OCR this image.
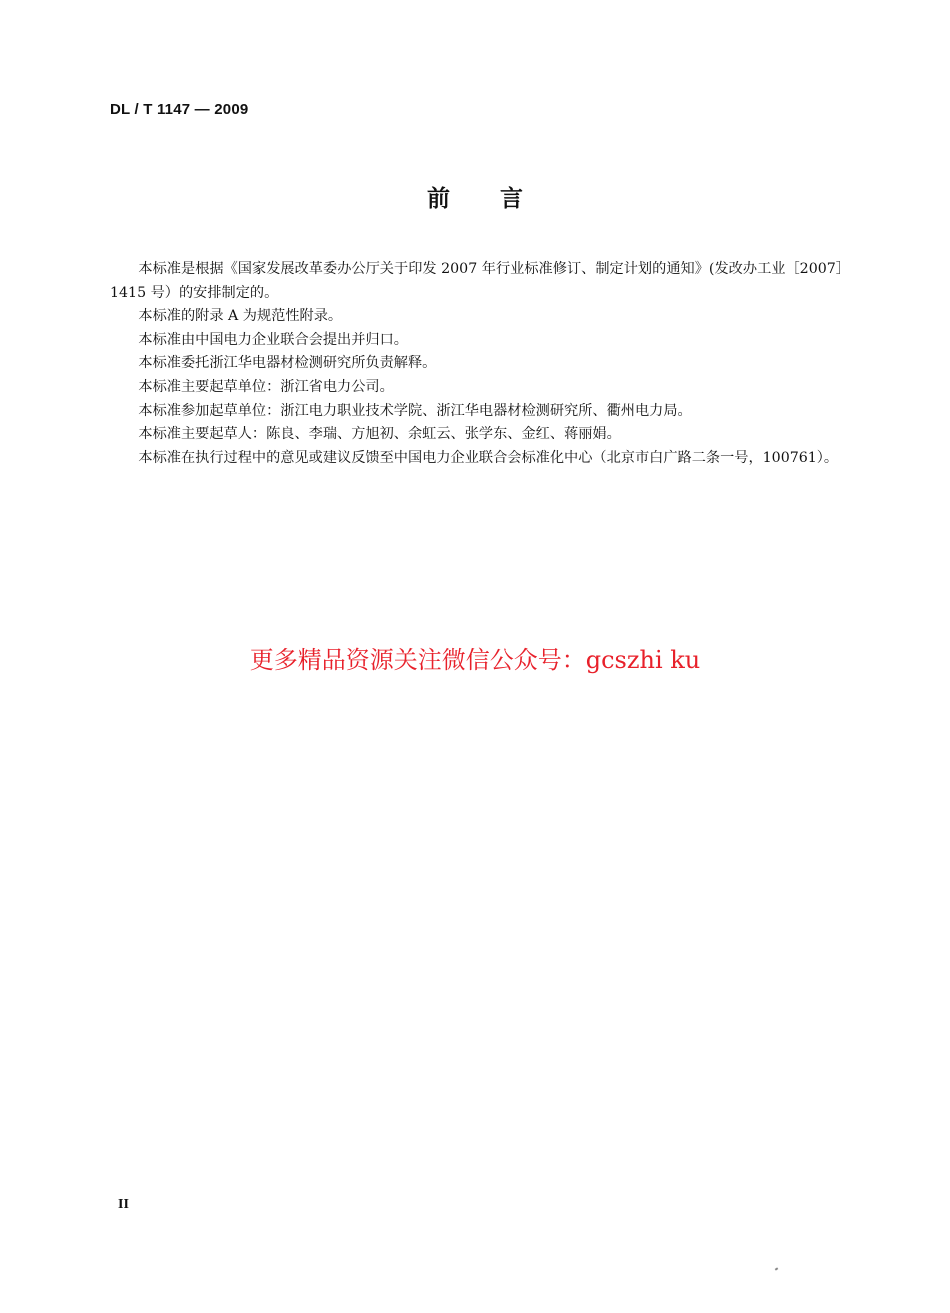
DL / T 1147 — 2009
前言

本标准是根据《国家发展改革委办公厅关于印发 2007 年行业标准修订、制定计划的通知》(发改办工业［2007］1415 号）的安排制定的。

本标准的附录 A 为规范性附录。

本标准由中国电力企业联合会提出并归口。

本标准委托浙江华电器材检测研究所负责解释。

本标准主要起草单位：浙江省电力公司。

本标准参加起草单位：浙江电力职业技术学院、浙江华电器材检测研究所、衢州电力局。

本标准主要起草人：陈良、李瑞、方旭初、余虹云、张学东、金红、蒋丽娟。

本标准在执行过程中的意见或建议反馈至中国电力企业联合会标准化中心（北京市白广路二条一号，100761）。

更多精品资源关注微信公众号：gcszhi ku
II
